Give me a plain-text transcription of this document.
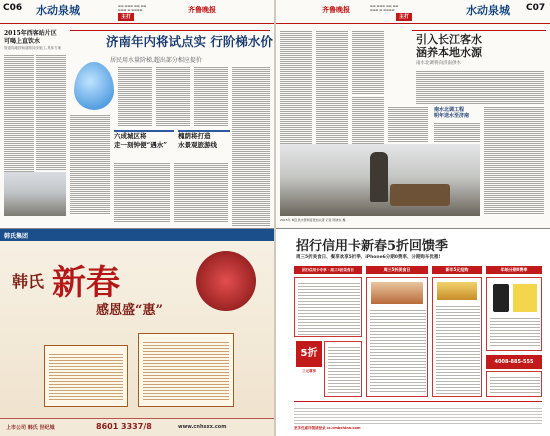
C06 水动泉城	▬▬ ▬▬▬ ▬▬ ▬▬
▬▬▬ ▬ ▬▬▬▬
主打
齐鲁晚报
2015年西客站片区
可喝上直饮水
管道同地铁和道路同步施工,具体方案	济南年内将试点实 行阶梯水价
居民用水量阶梯,超出部分相应提价
六成城区将
走一刻钟便“遇水”
槐荫将打造
水景观旅游线
韩氏集团
韩氏 新春
感恩盛“惠”
上市公司 韩氏 世纪城	8601 3337/8	www.cnhsxx.com
齐鲁晚报	▬▬ ▬▬▬ ▬▬ ▬▬
▬▬▬ ▬ ▬▬▬▬
主打	水动泉城 C07
引入长江客水
涵养本地水源
南水北调将向济南供水
南水北调工程
明年送水至济南
2015年 城区供水管网将更加完善 记者 陈晓东 摄
招行信用卡新春5折回馈季
周三5折美食日、餐享欢享5折季、iPhone6分期0费率、分期购车优惠!
招行信用卡专享 · 周三5折美食日	周三5折美食日	新年5元抢购	年纸分期0费率
5折
三元尊享
4008-885-555
更多优惠详情请登录 cc.cmbchina.com
